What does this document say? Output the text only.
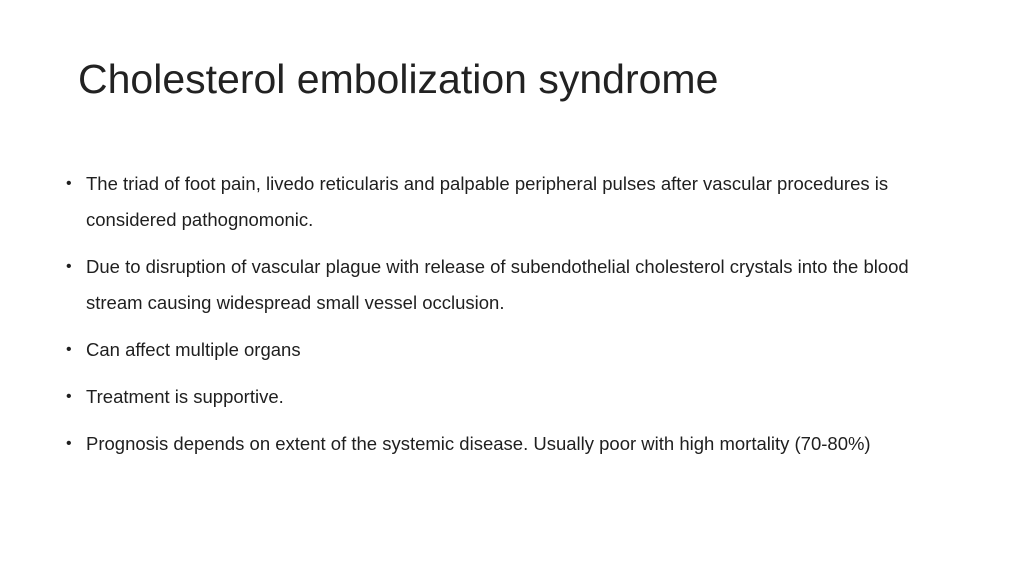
Cholesterol embolization syndrome
• The triad of foot pain, livedo reticularis and palpable peripheral pulses after vascular procedures is considered pathognomonic.
• Due to disruption of vascular plague with release of subendothelial cholesterol crystals into the blood stream causing widespread small vessel occlusion.
• Can affect multiple organs
• Treatment is supportive.
• Prognosis depends on extent of the systemic disease. Usually poor with high mortality (70-80%)
